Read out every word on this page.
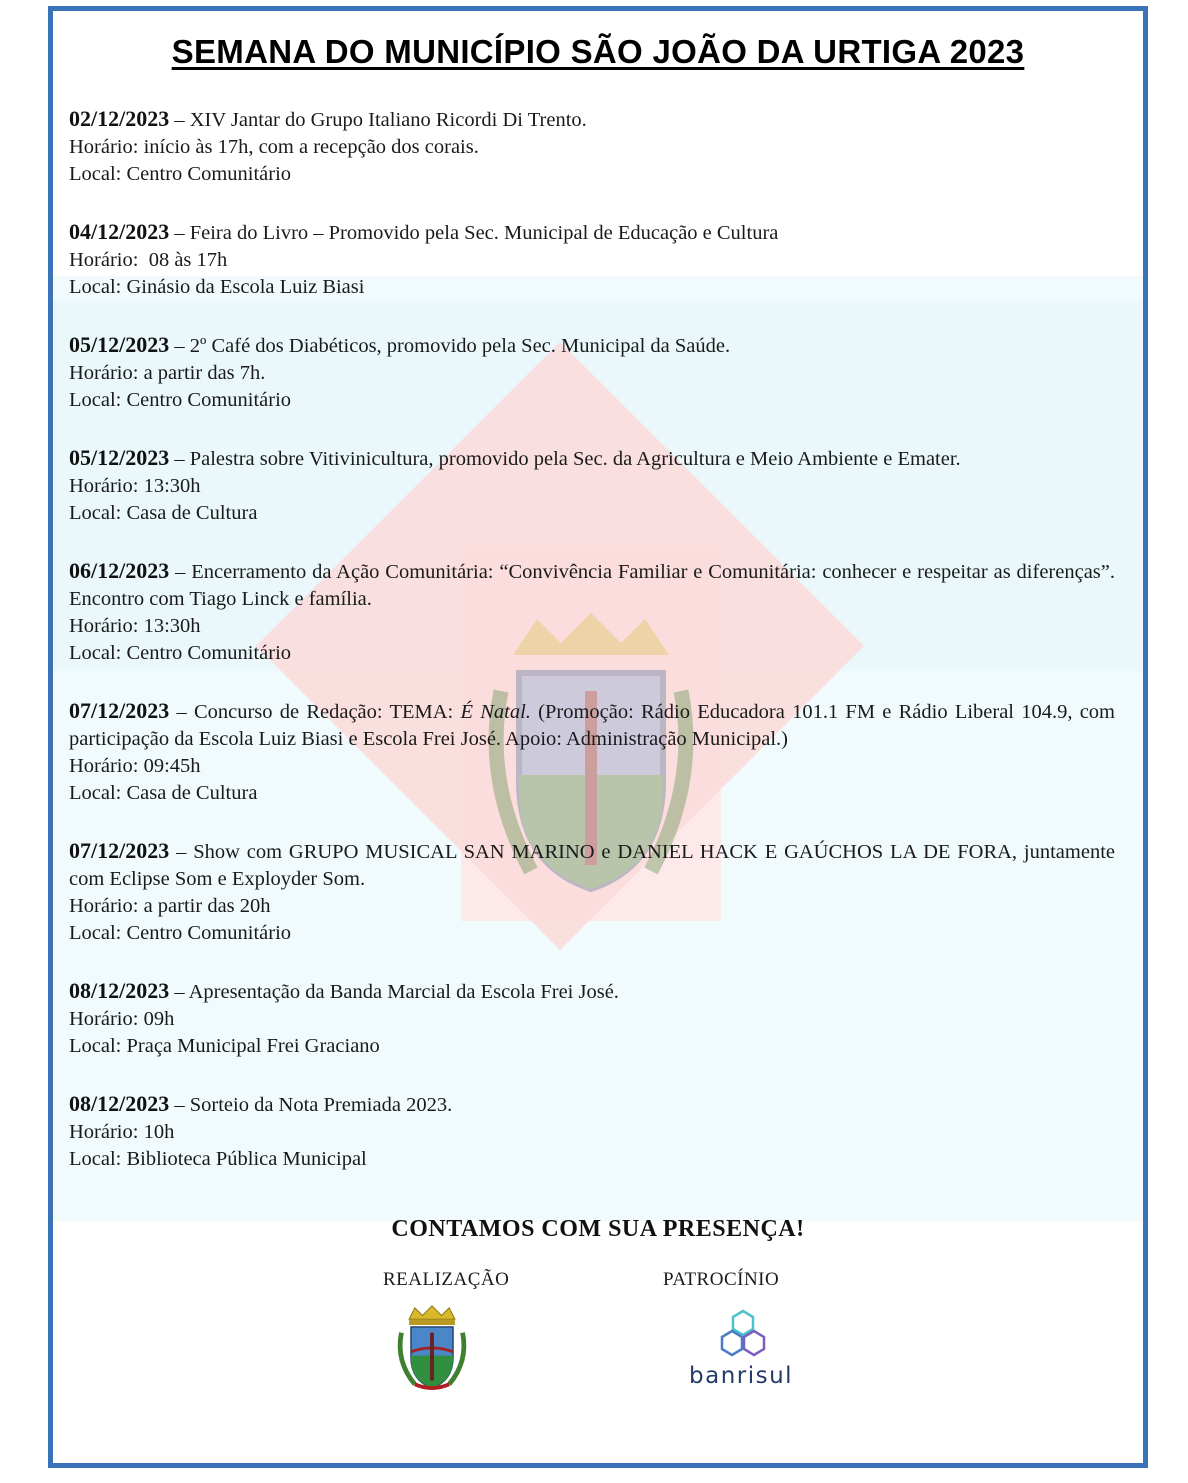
SEMANA DO MUNICÍPIO SÃO JOÃO DA URTIGA 2023
02/12/2023 – XIV Jantar do Grupo Italiano Ricordi Di Trento.
Horário: início às 17h, com a recepção dos corais.
Local: Centro Comunitário
04/12/2023 – Feira do Livro – Promovido pela Sec. Municipal de Educação e Cultura
Horário:  08 às 17h
Local: Ginásio da Escola Luiz Biasi
05/12/2023 – 2º Café dos Diabéticos, promovido pela Sec. Municipal da Saúde.
Horário: a partir das 7h.
Local: Centro Comunitário
05/12/2023 – Palestra sobre Vitivinicultura, promovido pela Sec. da Agricultura e Meio Ambiente e Emater.
Horário: 13:30h
Local: Casa de Cultura
06/12/2023 – Encerramento da Ação Comunitária: “Convivência Familiar e Comunitária: conhecer e respeitar as diferenças”. Encontro com Tiago Linck e família.
Horário: 13:30h
Local: Centro Comunitário
07/12/2023 – Concurso de Redação: TEMA: É Natal. (Promoção: Rádio Educadora 101.1 FM e Rádio Liberal 104.9, com participação da Escola Luiz Biasi e Escola Frei José. Apoio: Administração Municipal.)
Horário: 09:45h
Local: Casa de Cultura
07/12/2023 – Show com GRUPO MUSICAL SAN MARINO e DANIEL HACK E GAÚCHOS LA DE FORA, juntamente com Eclipse Som e Exployder Som.
Horário: a partir das 20h
Local: Centro Comunitário
08/12/2023 – Apresentação da Banda Marcial da Escola Frei José.
Horário: 09h
Local: Praça Municipal Frei Graciano
08/12/2023 – Sorteio da Nota Premiada 2023.
Horário: 10h
Local: Biblioteca Pública Municipal
CONTAMOS COM SUA PRESENÇA!
REALIZAÇÃO	PATROCÍNIO
banrisul
